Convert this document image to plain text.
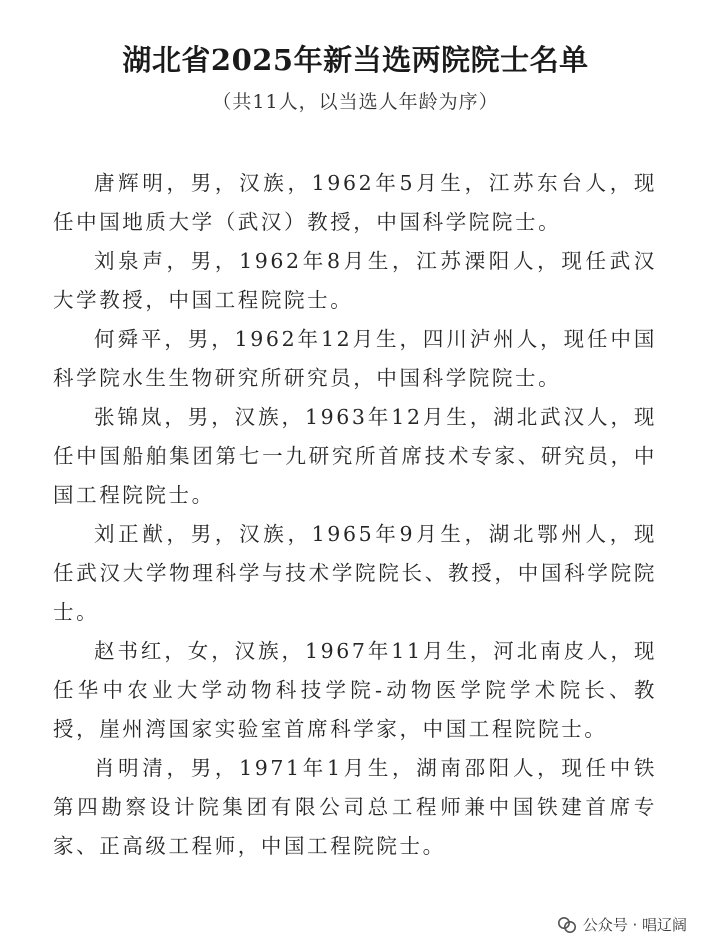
湖北省2025年新当选两院院士名单
（共11人，以当选人年龄为序）

唐辉明，男，汉族，1962年5月生，江苏东台人，现任中国地质大学（武汉）教授，中国科学院院士。

刘泉声，男，1962年8月生，江苏溧阳人，现任武汉大学教授，中国工程院院士。

何舜平，男，1962年12月生，四川泸州人，现任中国科学院水生生物研究所研究员，中国科学院院士。

张锦岚，男，汉族，1963年12月生，湖北武汉人，现任中国船舶集团第七一九研究所首席技术专家、研究员，中国工程院院士。

刘正猷，男，汉族，1965年9月生，湖北鄂州人，现任武汉大学物理科学与技术学院院长、教授，中国科学院院士。

赵书红，女，汉族，1967年11月生，河北南皮人，现任华中农业大学动物科技学院-动物医学院学术院长、教授，崖州湾国家实验室首席科学家，中国工程院院士。

肖明清，男，1971年1月生，湖南邵阳人，现任中铁第四勘察设计院集团有限公司总工程师兼中国铁建首席专家、正高级工程师，中国工程院院士。

公众号 · 唱辽阔
